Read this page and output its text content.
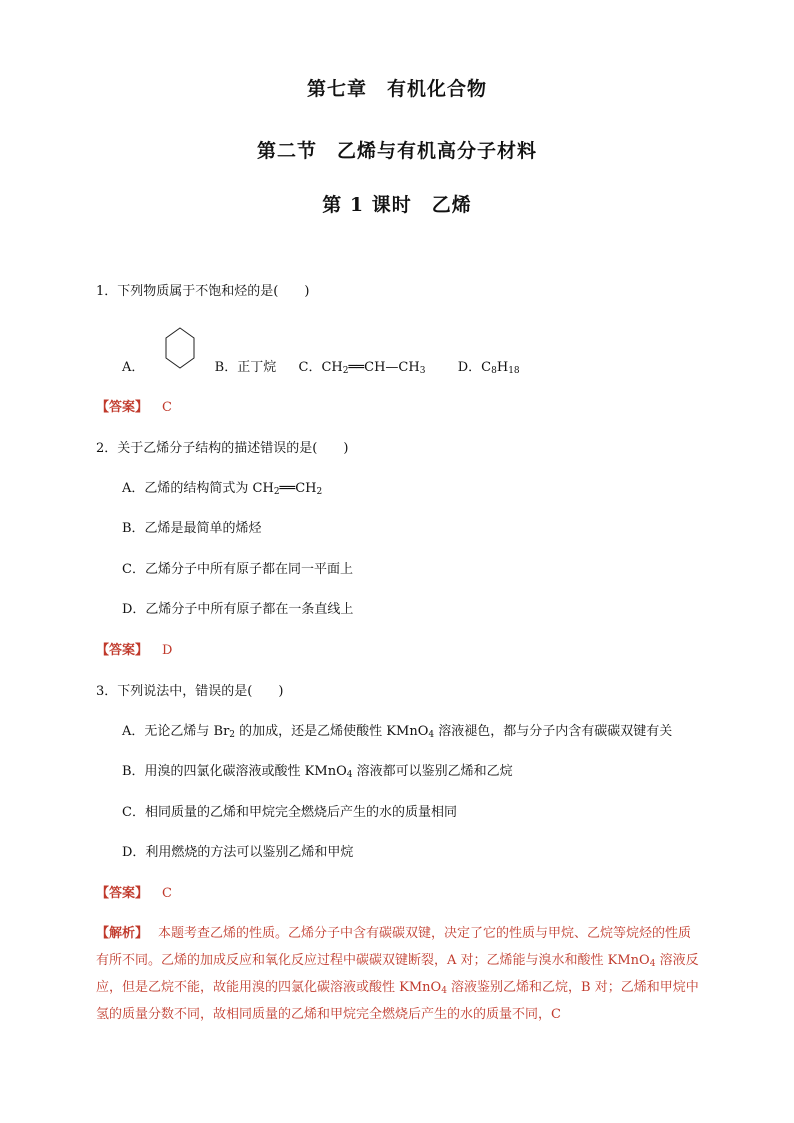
第七章　有机化合物
第二节　乙烯与有机高分子材料
第 1 课时　乙烯
1．下列物质属于不饱和烃的是(　　)
A．	B．正丁烷 C．$CH_2══CH—CH_3$ D．$C_8H_{18}$
【答案】 C
2．关于乙烯分子结构的描述错误的是(　　)
A．乙烯的结构简式为 $CH_2══CH_2$
B．乙烯是最简单的烯烃
C．乙烯分子中所有原子都在同一平面上
D．乙烯分子中所有原子都在一条直线上
【答案】 D
3．下列说法中，错误的是(　　)
A．无论乙烯与 $Br_2$ 的加成，还是乙烯使酸性 KMnO$_4$ 溶液褪色，都与分子内含有碳碳双键有关
B．用溴的四氯化碳溶液或酸性 KMnO$_4$ 溶液都可以鉴别乙烯和乙烷
C．相同质量的乙烯和甲烷完全燃烧后产生的水的质量相同
D．利用燃烧的方法可以鉴别乙烯和甲烷
【答案】 C
【解析】 本题考查乙烯的性质。乙烯分子中含有碳碳双键，决定了它的性质与甲烷、乙烷等烷烃的性质有所不同。乙烯的加成反应和氧化反应过程中碳碳双键断裂，A 对；乙烯能与溴水和酸性 KMnO$_4$ 溶液反应，但是乙烷不能，故能用溴的四氯化碳溶液或酸性 KMnO$_4$ 溶液鉴别乙烯和乙烷，B 对；乙烯和甲烷中氢的质量分数不同，故相同质量的乙烯和甲烷完全燃烧后产生的水的质量不同，C
